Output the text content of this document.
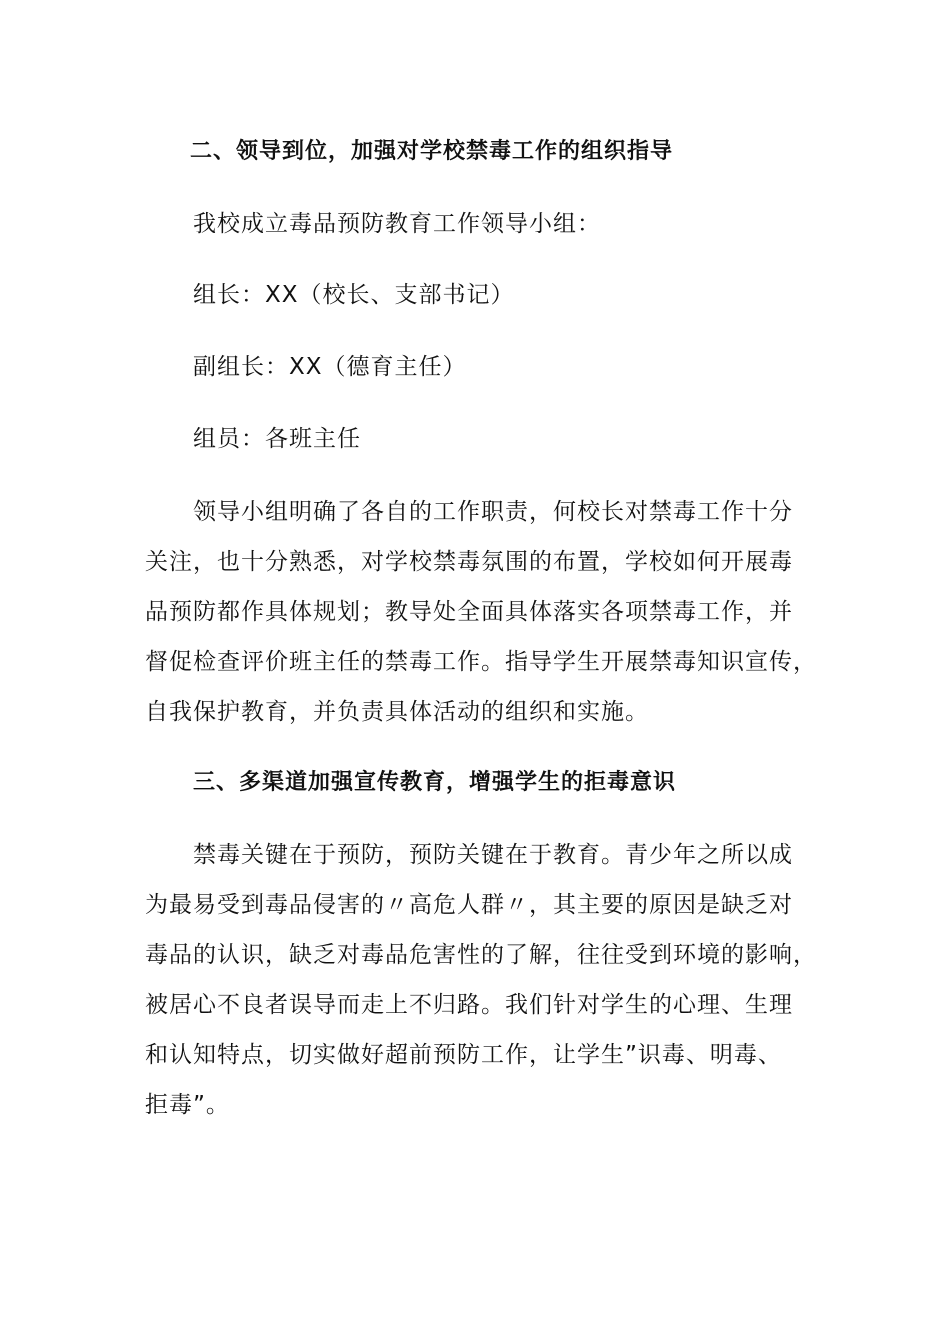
二、领导到位，加强对学校禁毒工作的组织指导
我校成立毒品预防教育工作领导小组：
组长：XX（校长、支部书记）
副组长：XX（德育主任）
组员：各班主任
领导小组明确了各自的工作职责，何校长对禁毒工作十分
关注，也十分熟悉，对学校禁毒氛围的布置，学校如何开展毒
品预防都作具体规划；教导处全面具体落实各项禁毒工作，并
督促检查评价班主任的禁毒工作。指导学生开展禁毒知识宣传，
自我保护教育，并负责具体活动的组织和实施。
三、多渠道加强宣传教育，增强学生的拒毒意识
禁毒关键在于预防，预防关键在于教育。青少年之所以成
为最易受到毒品侵害的〃高危人群〃，其主要的原因是缺乏对
毒品的认识，缺乏对毒品危害性的了解，往往受到环境的影响，
被居心不良者误导而走上不归路。我们针对学生的心理、生理
和认知特点，切实做好超前预防工作，让学生”识毒、明毒、
拒毒”。
